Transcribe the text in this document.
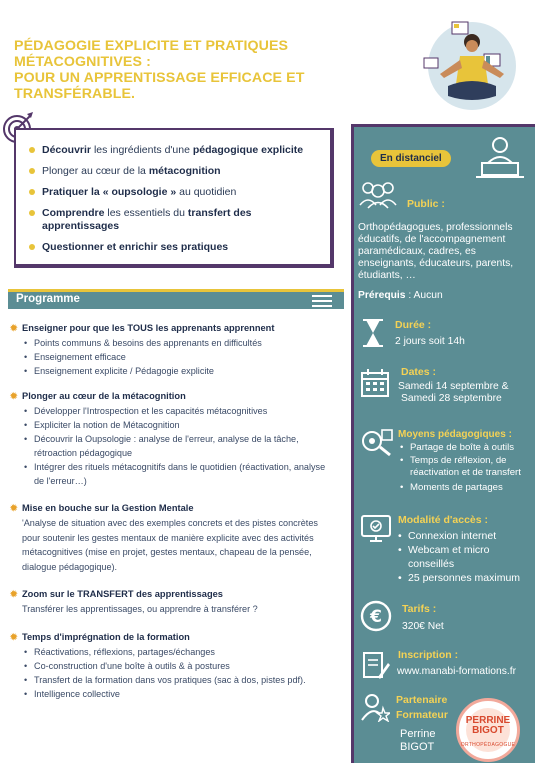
PÉDAGOGIE EXPLICITE ET PRATIQUES MÉTACOGNITIVES :
POUR UN APPRENTISSAGE EFFICACE ET TRANSFÉRABLE.
Découvrir les ingrédients d'une pédagogique explicite
Plonger au cœur de la métacognition
Pratiquer la « oupsologie » au quotidien
Comprendre les essentiels du transfert des apprentissages
Questionner et enrichir ses pratiques
Programme
✹ Enseigner pour que les TOUS les apprenants apprennent
• Points communs & besoins des apprenants en difficultés
• Enseignement efficace
• Enseignement explicite / Pédagogie explicite
✹ Plonger au cœur de la métacognition
• Développer l'Introspection et les capacités métacognitives
• Expliciter la notion de Métacognition
• Découvrir la Oupsologie : analyse de l'erreur, analyse de la tâche,
rétroaction pédagogique
• Intégrer des rituels métacognitifs dans le quotidien (réactivation, analyse
de l'erreur…)
✹ Mise en bouche sur la Gestion Mentale

'Analyse de situation avec des exemples concrets et des pistes concrètes
pour soutenir les gestes mentaux de manière explicite avec des activités
métacognitives (mise en projet, gestes mentaux, chapeau de la pensée,
dialogue pédagogique).

✹ Zoom sur le TRANSFERT des apprentissages

Transférer les apprentissages, ou apprendre à transférer ?

✹ Temps d'imprégnation de la formation
• Réactivations, réflexions, partages/échanges
• Co-construction d'une boîte à outils & à postures
• Transfert de la formation dans vos pratiques (sac à dos, pistes pdf).
• Intelligence collective
En distanciel
Public :
Orthopédagogues, professionnels
éducatifs, de l'accompagnement
paramédicaux, cadres, es
enseignants, éducateurs, parents,
étudiants, …
Prérequis : Aucun
Durée :
2 jours soit 14h
Dates :
Samedi 14 septembre &
Samedi 28 septembre
Moyens pédagogiques :
• Partage de boîte à outils
• Temps de réflexion, de réactivation et de transfert
• Moments de partages
Modalité d'accès :
• Connexion internet
• Webcam et micro conseillés
• 25 personnes maximum
€ Tarifs :
320€ Net
Inscription :
www.manabi-formations.fr
Partenaire
Formateur
Perrine
BIGOT
PERRINE
BIGOT
ORTHOPÉDAGOGUE
